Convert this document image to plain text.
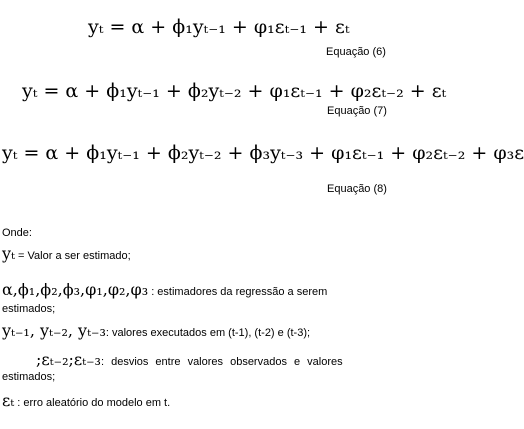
yₜ = α + ϕ₁yₜ₋₁ + φ₁εₜ₋₁ + εₜ
Equação (6)
yₜ = α + ϕ₁yₜ₋₁ + ϕ₂yₜ₋₂ + φ₁εₜ₋₁ + φ₂εₜ₋₂ + εₜ
Equação (7)
yₜ = α + ϕ₁yₜ₋₁ + ϕ₂yₜ₋₂ + ϕ₃yₜ₋₃ + φ₁εₜ₋₁ + φ₂εₜ₋₂ + φ₃ε
Equação (8)
Onde:
yₜ = Valor a ser estimado;
α,ϕ₁,ϕ₂,ϕ₃,φ₁,φ₂,φ₃ : estimadores da regressão a serem
estimados;
yₜ₋₁, yₜ₋₂, yₜ₋₃: valores executados em (t-1), (t-2) e (t-3);
;εₜ₋₂;εₜ₋₃: desvios entre valores observados e valores
estimados;
εₜ : erro aleatório do modelo em t.
